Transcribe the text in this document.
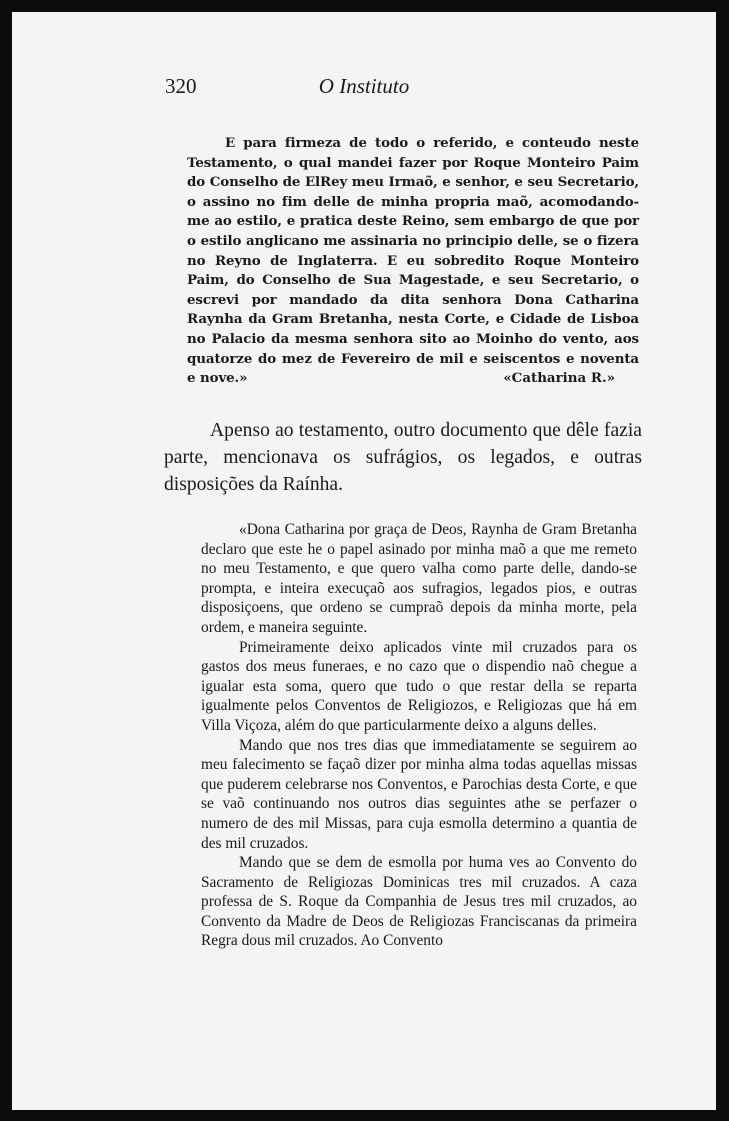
O Instituto
320

E para firmeza de todo o referido, e conteudo neste Testamento, o qual mandei fazer por Roque Monteiro Paim do Conselho de ElRey meu Irmaõ, e senhor, e seu Secretario, o assino no fim delle de minha propria maõ, acomodando-me ao estilo, e pratica deste Reino, sem embargo de que por o estilo anglicano me assinaria no principio delle, se o fizera no Reyno de Inglaterra. E eu sobredito Roque Monteiro Paim, do Conselho de Sua Magestade, e seu Secretario, o escrevi por mandado da dita senhora Dona Catharina Raynha da Gram Bretanha, nesta Corte, e Cidade de Lisboa no Palacio da mesma senhora sito ao Moinho do vento, aos quatorze do mez de Fevereiro de mil e seiscentos e noventa e nove.»	«Catharina R.»

Apenso ao testamento, outro documento que dêle fazia parte, mencionava os sufrágios, os legados, e outras disposições da Raínha.

«Dona Catharina por graça de Deos, Raynha de Gram Bretanha declaro que este he o papel asinado por minha maõ a que me remeto no meu Testamento, e que quero valha como parte delle, dando-se prompta, e inteira execuçaõ aos sufragios, legados pios, e outras disposiçoens, que ordeno se cumpraõ depois da minha morte, pela ordem, e maneira seguinte.

Primeiramente deixo aplicados vinte mil cruzados para os gastos dos meus funeraes, e no cazo que o dispendio naõ chegue a igualar esta soma, quero que tudo o que restar della se reparta igualmente pelos Conventos de Religiozos, e Religiozas que há em Villa Viçoza, além do que particularmente deixo a alguns delles.

Mando que nos tres dias que immediatamente se seguirem ao meu falecimento se façaõ dizer por minha alma todas aquellas missas que puderem celebrarse nos Conventos, e Parochias desta Corte, e que se vaõ continuando nos outros dias seguintes athe se perfazer o numero de des mil Missas, para cuja esmolla determino a quantia de des mil cruzados.

Mando que se dem de esmolla por huma ves ao Convento do Sacramento de Religiozas Dominicas tres mil cruzados. A caza professa de S. Roque da Companhia de Jesus tres mil cruzados, ao Convento da Madre de Deos de Religiozas Franciscanas da primeira Regra dous mil cruzados. Ao Convento
